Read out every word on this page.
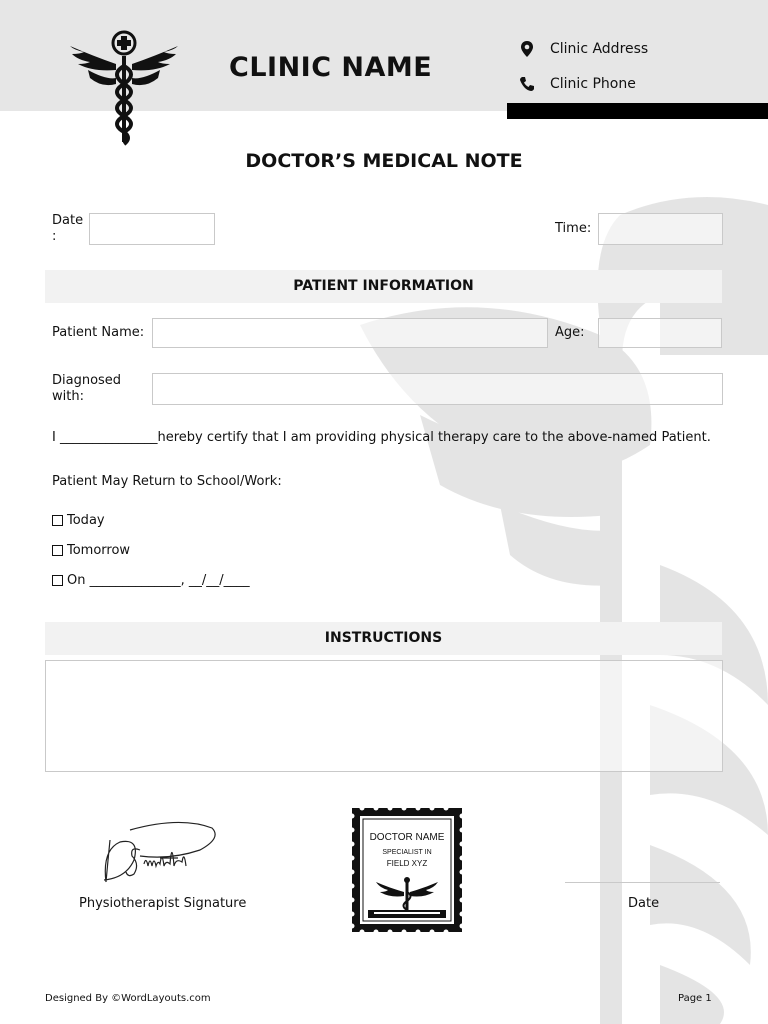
CLINIC NAME
Clinic Address
Clinic Phone
DOCTOR’S MEDICAL NOTE
Date
:
Time:
PATIENT INFORMATION
Patient Name:	Age:
Diagnosed
with:
I _______________hereby certify that I am providing physical therapy care to the above-named Patient.
Patient May Return to School/Work:
Today
Tomorrow
On ______________, __/__/____
INSTRUCTIONS
Physiotherapist Signature
DOCTOR NAME
SPECIALIST IN
FIELD XYZ
Date
Designed By ©WordLayouts.com	Page 1
